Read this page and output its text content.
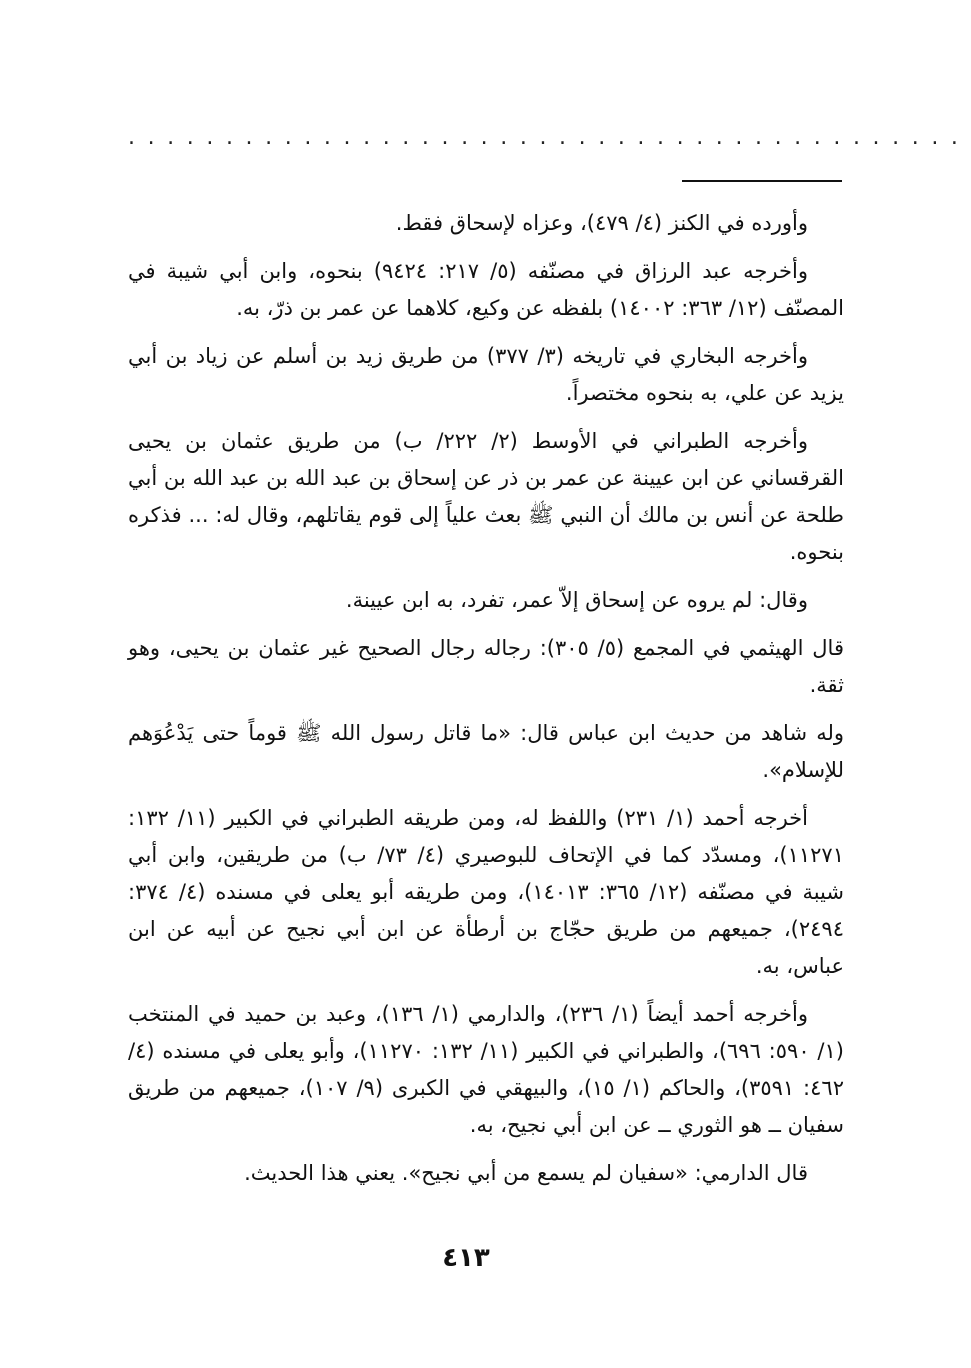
...........................................

وأورده في الكنز (٤/ ٤٧٩)، وعزاه لإسحاق فقط.

وأخرجه عبد الرزاق في مصنّفه (٥/ ٢١٧: ٩٤٢٤) بنحوه، وابن أبي شيبة في المصنّف (١٢/ ٣٦٣: ١٤٠٠٢) بلفظه عن وكيع، كلاهما عن عمر بن ذرّ، به.

وأخرجه البخاري في تاريخه (٣/ ٣٧٧) من طريق زيد بن أسلم عن زياد بن أبي يزيد عن علي، به بنحوه مختصراً.

وأخرجه الطبراني في الأوسط (٢/ ٢٢٢/ ب) من طريق عثمان بن يحيى القرقساني عن ابن عيينة عن عمر بن ذر عن إسحاق بن عبد الله بن عبد الله بن أبي طلحة عن أنس بن مالك أن النبي ﷺ بعث علياً إلى قوم يقاتلهم، وقال له: ... فذكره بنحوه.

وقال: لم يروه عن إسحاق إلاّ عمر، تفرد، به ابن عيينة.

قال الهيثمي في المجمع (٥/ ٣٠٥): رجاله رجال الصحيح غير عثمان بن يحيى، وهو ثقة.

وله شاهد من حديث ابن عباس قال: «ما قاتل رسول الله ﷺ قوماً حتى يَدْعُوَهم للإسلام».

أخرجه أحمد (١/ ٢٣١) واللفظ له، ومن طريقه الطبراني في الكبير (١١/ ١٣٢: ١١٢٧١)، ومسدّد كما في الإتحاف للبوصيري (٤/ ٧٣/ ب) من طريقين، وابن أبي شيبة في مصنّفه (١٢/ ٣٦٥: ١٤٠١٣)، ومن طريقه أبو يعلى في مسنده (٤/ ٣٧٤: ٢٤٩٤)، جميعهم من طريق حجّاج بن أرطأة عن ابن أبي نجيح عن أبيه عن ابن عباس، به.

وأخرجه أحمد أيضاً (١/ ٢٣٦)، والدارمي (١/ ١٣٦)، وعبد بن حميد في المنتخب (١/ ٥٩٠: ٦٩٦)، والطبراني في الكبير (١١/ ١٣٢: ١١٢٧٠)، وأبو يعلى في مسنده (٤/ ٤٦٢: ٣٥٩١)، والحاكم (١/ ١٥)، والبيهقي في الكبرى (٩/ ١٠٧)، جميعهم من طريق سفيان ــ هو الثوري ــ عن ابن أبي نجيح، به.

قال الدارمي: «سفيان لم يسمع من أبي نجيح». يعني هذا الحديث.

٤١٣
